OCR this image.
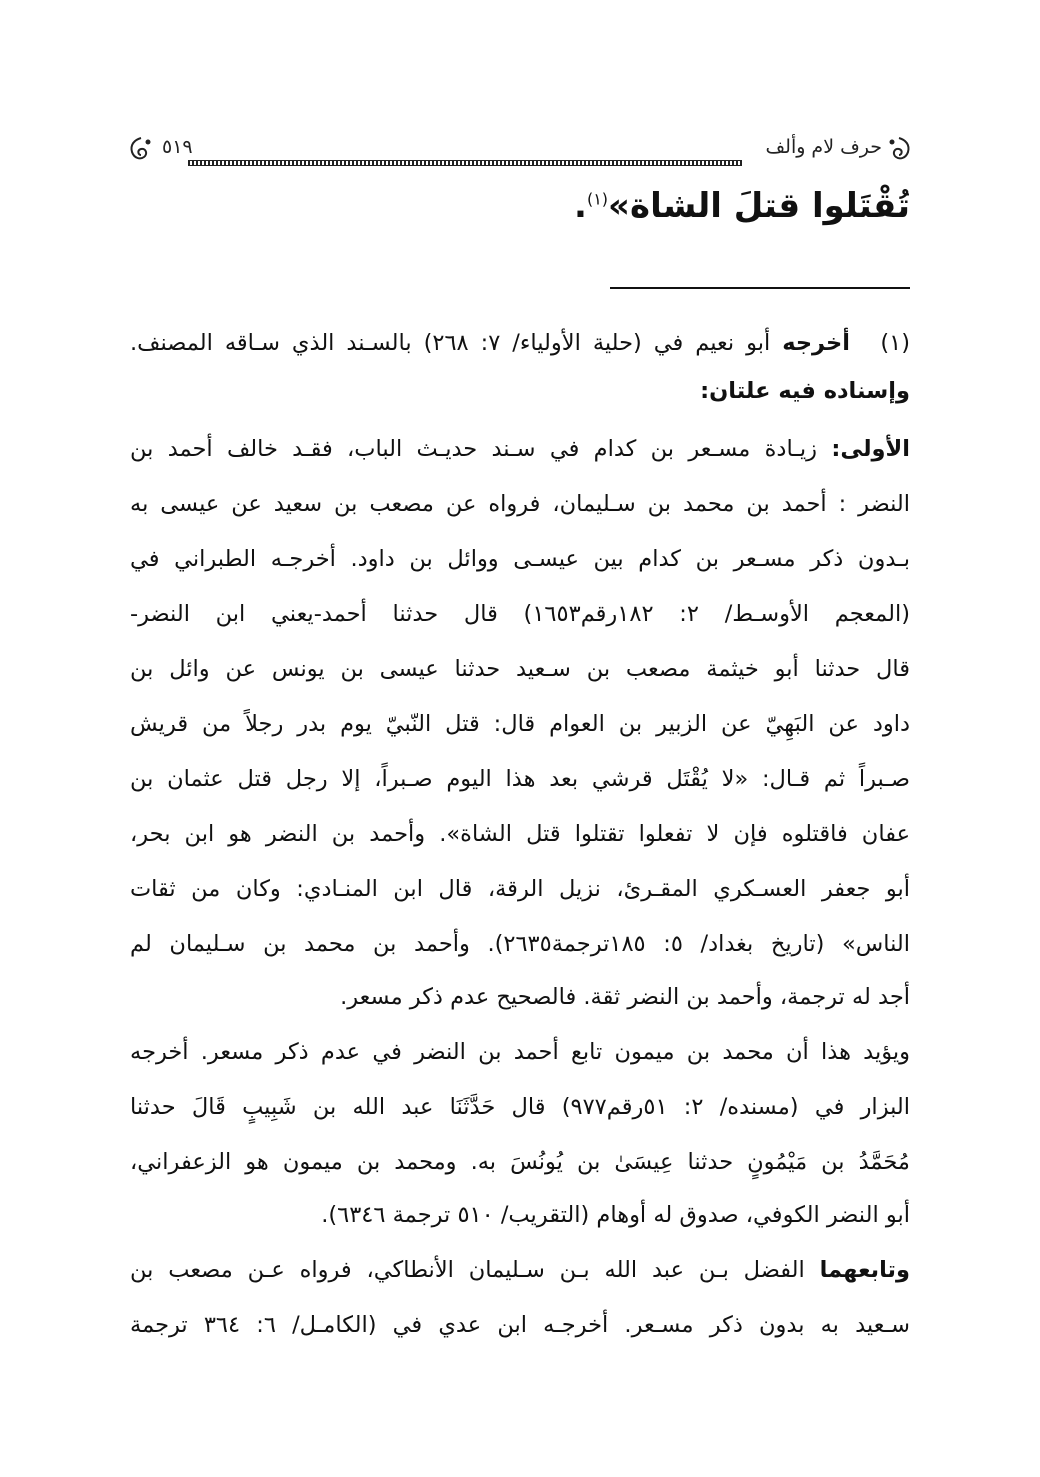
حرف لام وألف
٥١٩
تُقْتَلوا قتلَ الشاة»$^{(١)}$.
(١)أخرجه أبو نعيم في (حلية الأولياء/ ٧: ٢٦٨) بالسـند الذي سـاقه المصنف.
وإسناده فيه علتان:
الأولى: زيـادة مسـعر بن كدام في سـند حديـث الباب، فقـد خالف أحمد بن
النضر : أحمد بن محمد بن سـليمان، فرواه عن مصعب بن سعيد عن عيسى به
بـدون ذكر مسـعر بن كدام بين عيسـى ووائل بن داود. أخرجـه الطبراني في
(المعجم الأوسـط/ ٢: ١٨٢رقم١٦٥٣) قال حدثنا أحمد-يعني ابن النضر-
قال حدثنا أبو خيثمة مصعب بن سـعيد حدثنا عيسى بن يونس عن وائل بن
داود عن البَهِيّ عن الزبير بن العوام قال: قتل النّبيّ يوم بدر رجلاً من قريش
صـبراً ثم قـال: «لا يُقْتَل قرشي بعد هذا اليوم صـبراً، إلا رجل قتل عثمان بن
عفان فاقتلوه فإن لا تفعلوا تقتلوا قتل الشاة». وأحمد بن النضر هو ابن بحر،
أبو جعفر العسـكري المقـرئ، نزيل الرقة، قال ابن المنـادي: وكان من ثقات
الناس» (تاريخ بغداد/ ٥: ١٨٥ترجمة٢٦٣٥). وأحمد بن محمد بن سـليمان لم
أجد له ترجمة، وأحمد بن النضر ثقة. فالصحيح عدم ذكر مسعر.
ويؤيد هذا أن محمد بن ميمون تابع أحمد بن النضر في عدم ذكر مسعر. أخرجه
البزار في (مسنده/ ٢: ٥١رقم٩٧٧) قال حَدَّثَنَا عبد الله بن شَبِيبٍ قَالَ حدثنا
مُحَمَّدُ بن مَيْمُونٍ حدثنا عِيسَىٰ بن يُونُسَ به. ومحمد بن ميمون هو الزعفراني،
أبو النضر الكوفي، صدوق له أوهام (التقريب/ ٥١٠ ترجمة ٦٣٤٦).
وتابعهما الفضل بـن عبد الله بـن سـليمان الأنطاكي، فرواه عـن مصعب بن
سـعيد به بدون ذكر مسـعر. أخرجـه ابن عدي في (الكامـل/ ٦: ٣٦٤ ترجمة
